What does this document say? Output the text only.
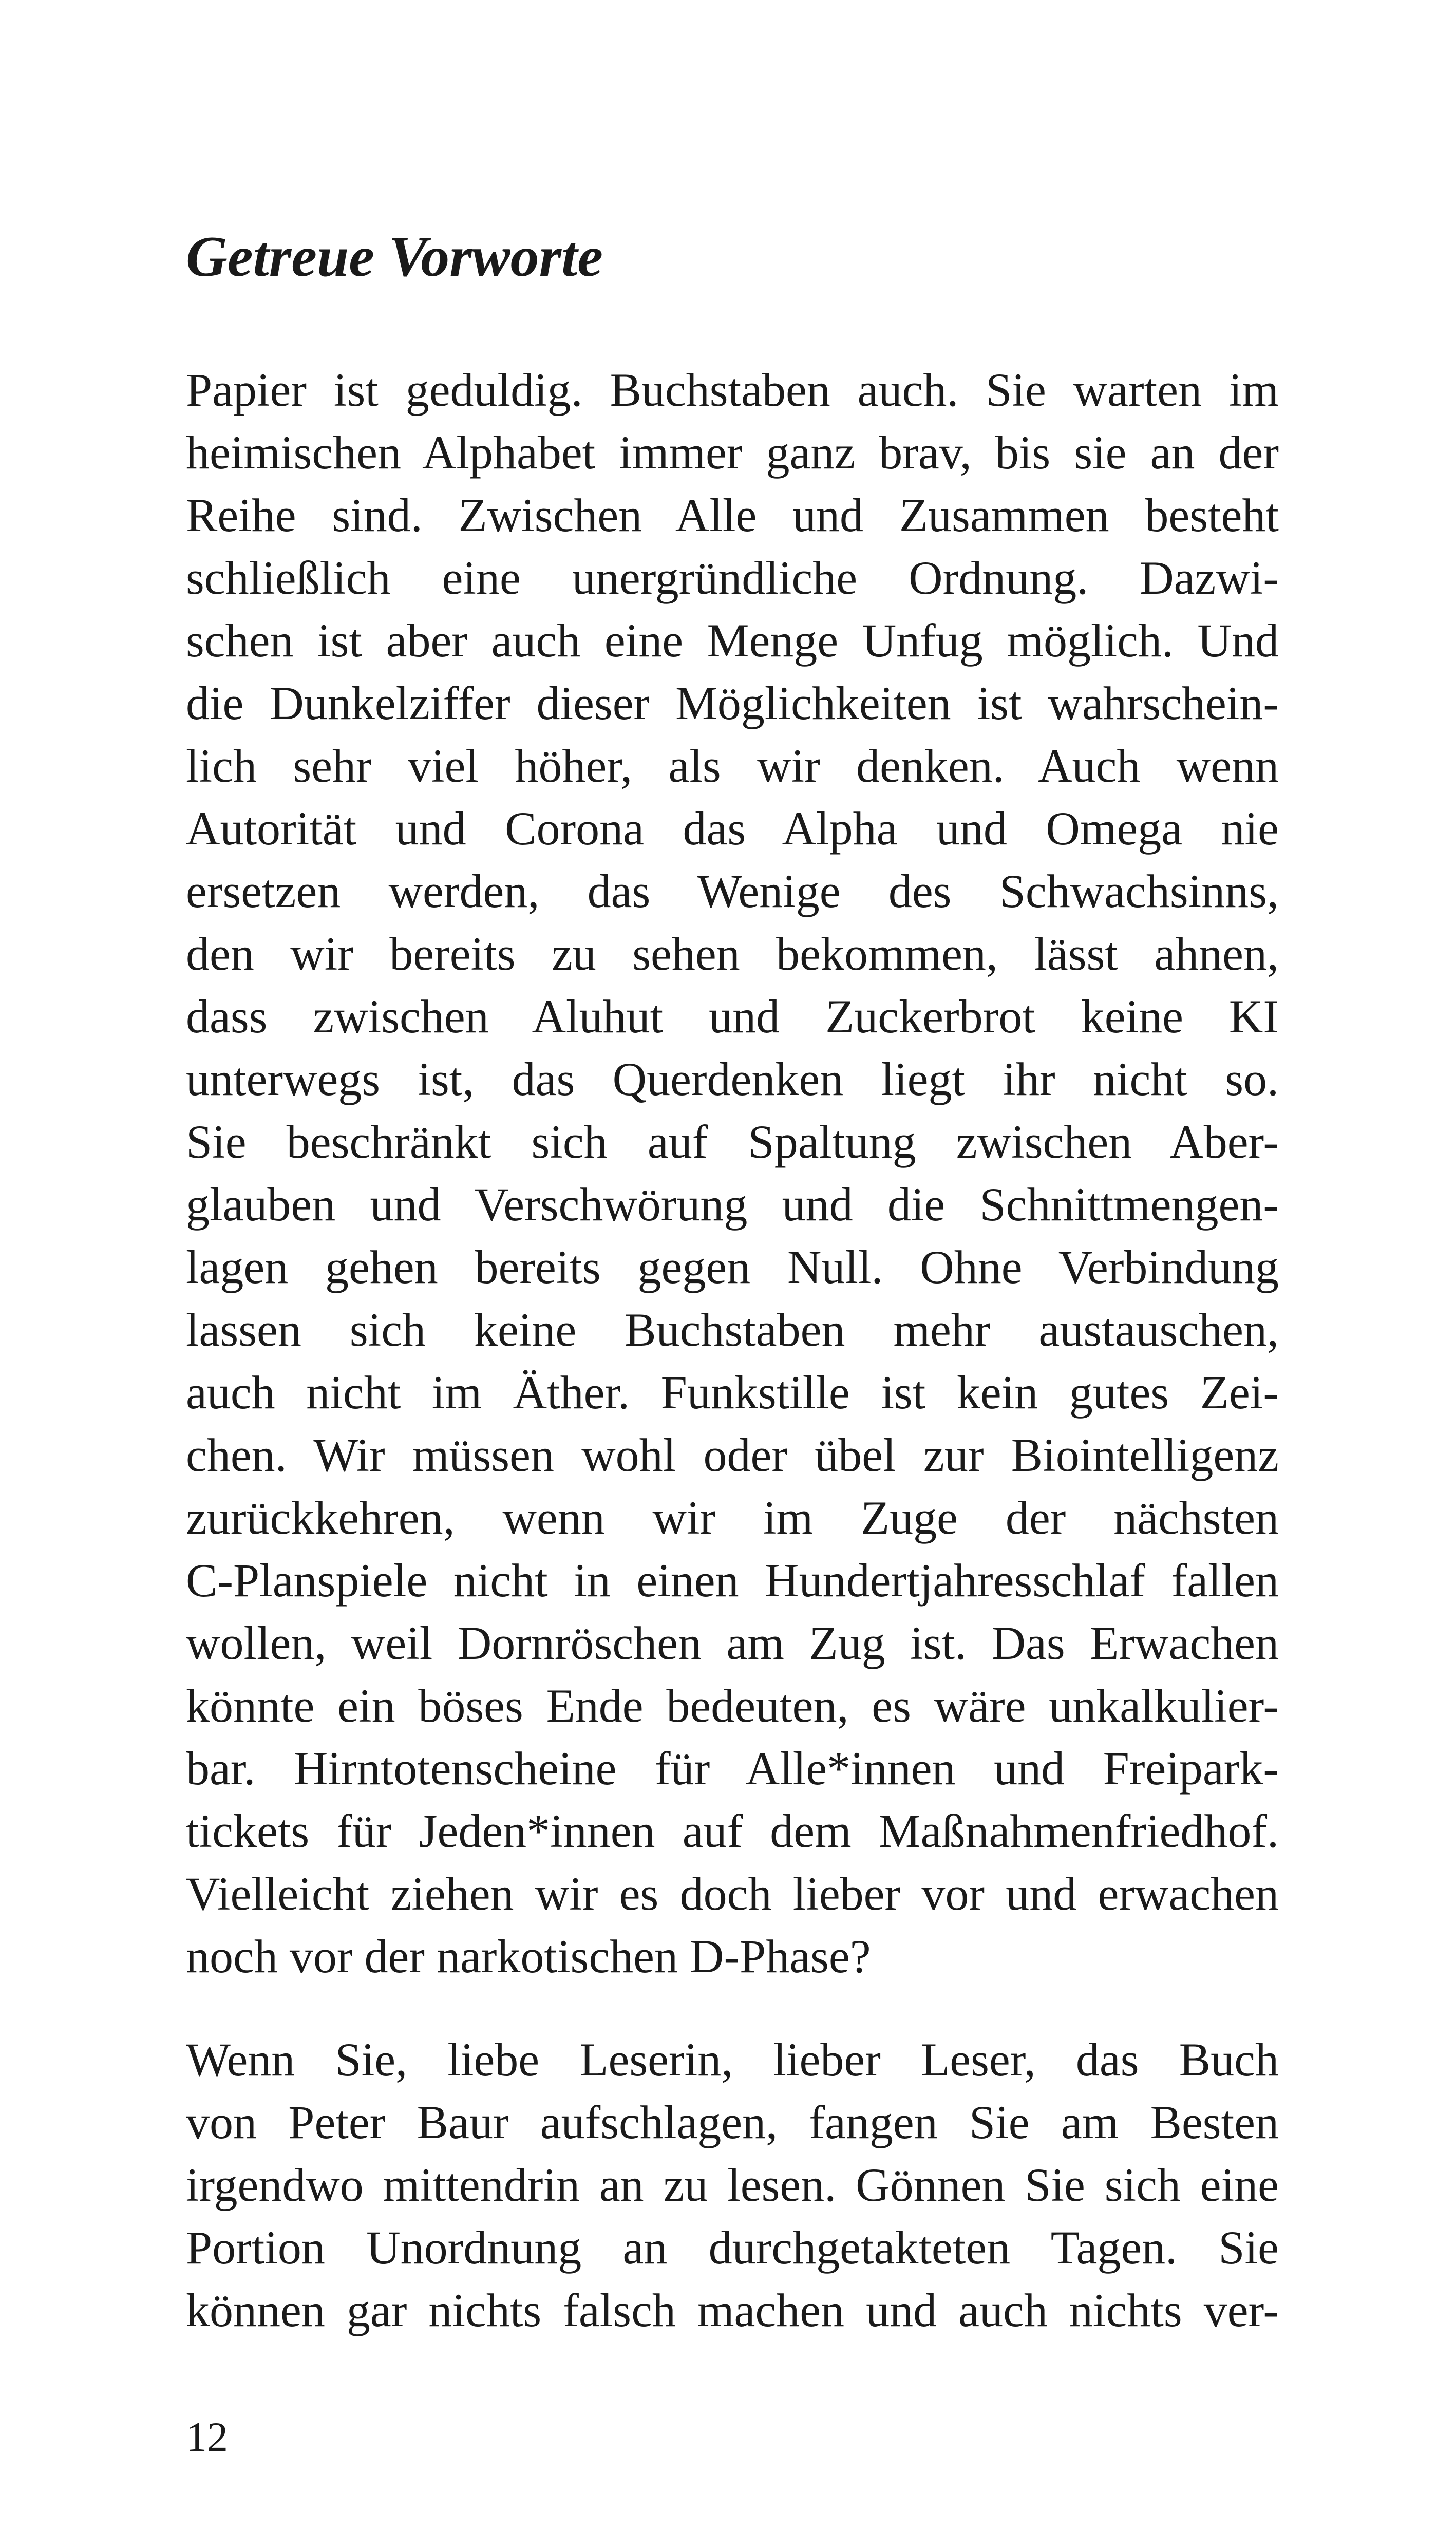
Getreue Vorworte
Papier ist geduldig. Buchstaben auch. Sie warten im
heimischen Alphabet immer ganz brav, bis sie an der
Reihe sind. Zwischen Alle und Zusammen besteht
schließlich eine unergründliche Ordnung. Dazwi-
schen ist aber auch eine Menge Unfug möglich. Und
die Dunkelziffer dieser Möglichkeiten ist wahrschein-
lich sehr viel höher, als wir denken. Auch wenn
Autorität und Corona das Alpha und Omega nie
ersetzen werden, das Wenige des Schwachsinns,
den wir bereits zu sehen bekommen, lässt ahnen,
dass zwischen Aluhut und Zuckerbrot keine KI
unterwegs ist, das Querdenken liegt ihr nicht so.
Sie beschränkt sich auf Spaltung zwischen Aber-
glauben und Verschwörung und die Schnittmengen-
lagen gehen bereits gegen Null. Ohne Verbindung
lassen sich keine Buchstaben mehr austauschen,
auch nicht im Äther. Funkstille ist kein gutes Zei-
chen. Wir müssen wohl oder übel zur Biointelligenz
zurückkehren, wenn wir im Zuge der nächsten
C-Planspiele nicht in einen Hundertjahresschlaf fallen
wollen, weil Dornröschen am Zug ist. Das Erwachen
könnte ein böses Ende bedeuten, es wäre unkalkulier-
bar. Hirntotenscheine für Alle*innen und Freipark-
tickets für Jeden*innen auf dem Maßnahmenfriedhof.
Vielleicht ziehen wir es doch lieber vor und erwachen
noch vor der narkotischen D-Phase?
Wenn Sie, liebe Leserin, lieber Leser, das Buch
von Peter Baur aufschlagen, fangen Sie am Besten
irgendwo mittendrin an zu lesen. Gönnen Sie sich eine
Portion Unordnung an durchgetakteten Tagen. Sie
können gar nichts falsch machen und auch nichts ver-

12
